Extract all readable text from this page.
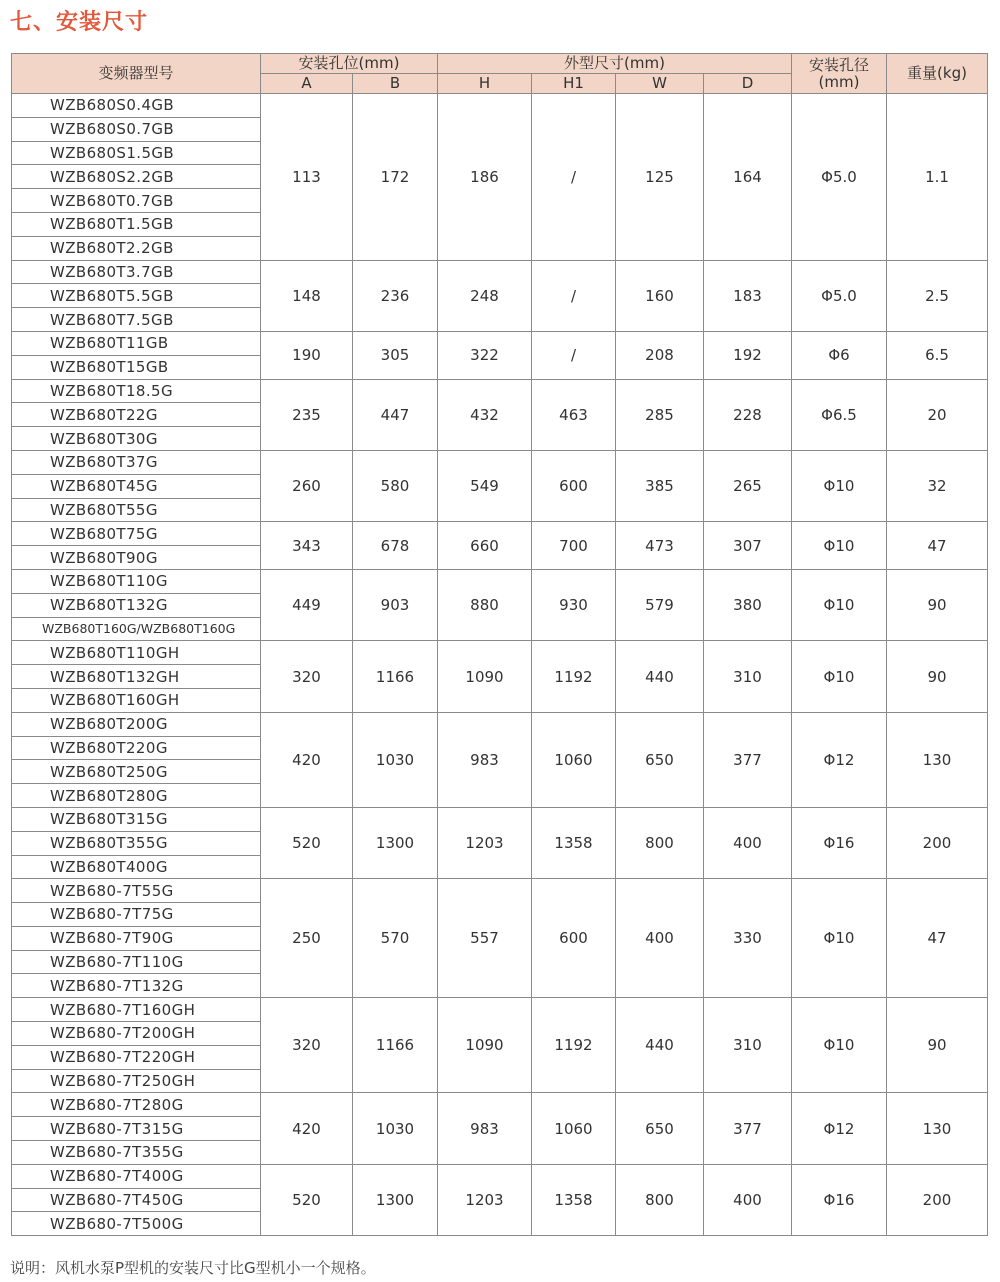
七、安装尺寸
变频器型号	安装孔位(mm)		外型尺寸(mm)				安装孔径(mm)	重量(kg)
	A	B	H	H1	W	D		
WZB680S0.4GB	113	172	186	/	125	164	Φ5.0	1.1
WZB680S0.7GB								
WZB680S1.5GB								
WZB680S2.2GB								
WZB680T0.7GB								
WZB680T1.5GB								
WZB680T2.2GB								
WZB680T3.7GB	148	236	248	/	160	183	Φ5.0	2.5
WZB680T5.5GB								
WZB680T7.5GB								
WZB680T11GB	190	305	322	/	208	192	Φ6	6.5
WZB680T15GB								
WZB680T18.5G	235	447	432	463	285	228	Φ6.5	20
WZB680T22G								
WZB680T30G								
WZB680T37G	260	580	549	600	385	265	Φ10	32
WZB680T45G								
WZB680T55G								
WZB680T75G	343	678	660	700	473	307	Φ10	47
WZB680T90G								
WZB680T110G	449	903	880	930	579	380	Φ10	90
WZB680T132G								
WZB680T160G/WZB680T160G								
WZB680T110GH	320	1166	1090	1192	440	310	Φ10	90
WZB680T132GH								
WZB680T160GH								
WZB680T200G	420	1030	983	1060	650	377	Φ12	130
WZB680T220G								
WZB680T250G								
WZB680T280G								
WZB680T315G	520	1300	1203	1358	800	400	Φ16	200
WZB680T355G								
WZB680T400G								
WZB680-7T55G	250	570	557	600	400	330	Φ10	47
WZB680-7T75G								
WZB680-7T90G								
WZB680-7T110G								
WZB680-7T132G								
WZB680-7T160GH	320	1166	1090	1192	440	310	Φ10	90
WZB680-7T200GH								
WZB680-7T220GH								
WZB680-7T250GH								
WZB680-7T280G	420	1030	983	1060	650	377	Φ12	130
WZB680-7T315G								
WZB680-7T355G								
WZB680-7T400G	520	1300	1203	1358	800	400	Φ16	200
WZB680-7T450G								
WZB680-7T500G								
说明：风机水泵P型机的安装尺寸比G型机小一个规格。
